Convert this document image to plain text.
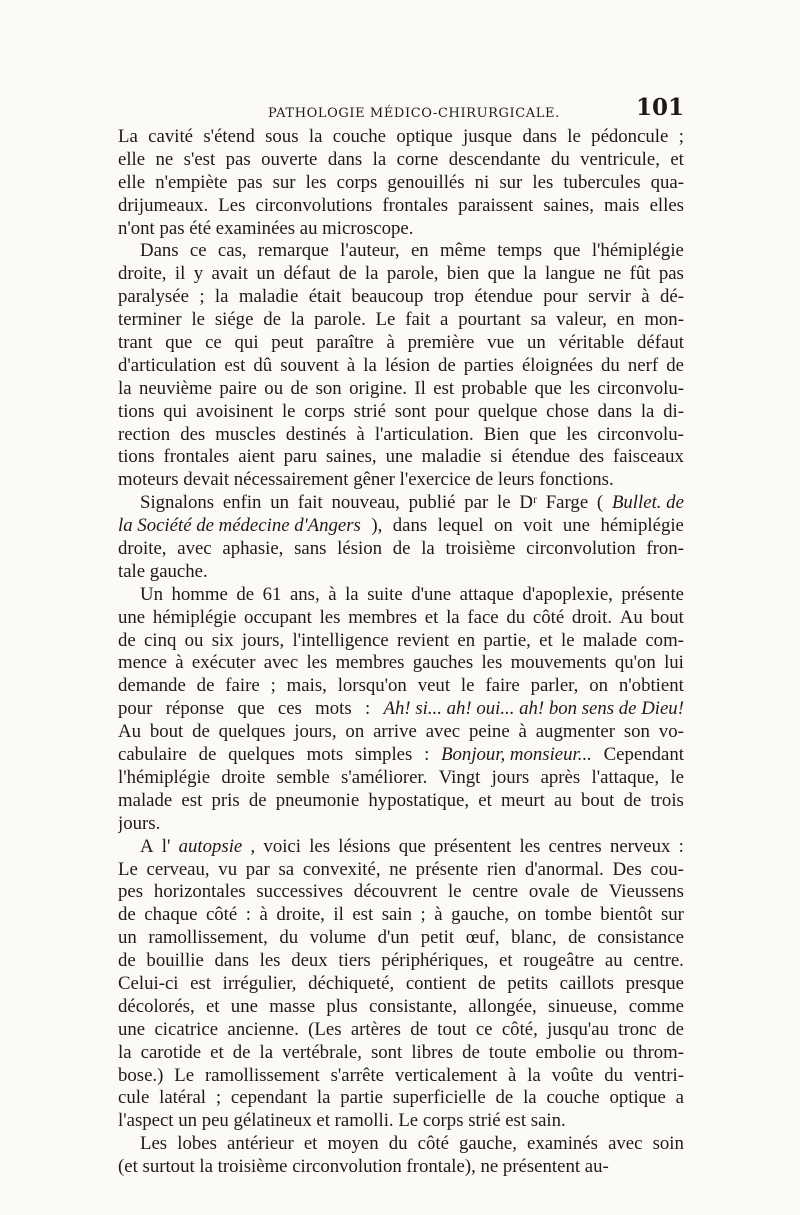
PATHOLOGIE MÉDICO-CHIRURGICALE.	101
La cavité s'étend sous la couche optique jusque dans le pédoncule ;
elle ne s'est pas ouverte dans la corne descendante du ventricule, et
elle n'empiète pas sur les corps genouillés ni sur les tubercules qua-
drijumeaux. Les circonvolutions frontales paraissent saines, mais elles
n'ont pas été examinées au microscope.
Dans ce cas, remarque l'auteur, en même temps que l'hémiplégie
droite, il y avait un défaut de la parole, bien que la langue ne fût pas
paralysée ; la maladie était beaucoup trop étendue pour servir à dé-
terminer le siége de la parole. Le fait a pourtant sa valeur, en mon-
trant que ce qui peut paraître à première vue un véritable défaut
d'articulation est dû souvent à la lésion de parties éloignées du nerf de
la neuvième paire ou de son origine. Il est probable que les circonvolu-
tions qui avoisinent le corps strié sont pour quelque chose dans la di-
rection des muscles destinés à l'articulation. Bien que les circonvolu-
tions frontales aient paru saines, une maladie si étendue des faisceaux
moteurs devait nécessairement gêner l'exercice de leurs fonctions.
Signalons enfin un fait nouveau, publié par le Dʳ Farge ( Bullet. de
la Société de médecine d'Angers ), dans lequel on voit une hémiplégie
droite, avec aphasie, sans lésion de la troisième circonvolution fron-
tale gauche.
Un homme de 61 ans, à la suite d'une attaque d'apoplexie, présente
une hémiplégie occupant les membres et la face du côté droit. Au bout
de cinq ou six jours, l'intelligence revient en partie, et le malade com-
mence à exécuter avec les membres gauches les mouvements qu'on lui
demande de faire ; mais, lorsqu'on veut le faire parler, on n'obtient
pour réponse que ces mots : Ah! si... ah! oui... ah! bon sens de Dieu!
Au bout de quelques jours, on arrive avec peine à augmenter son vo-
cabulaire de quelques mots simples : Bonjour, monsieur... Cependant
l'hémiplégie droite semble s'améliorer. Vingt jours après l'attaque, le
malade est pris de pneumonie hypostatique, et meurt au bout de trois
jours.
A l' autopsie , voici les lésions que présentent les centres nerveux :
Le cerveau, vu par sa convexité, ne présente rien d'anormal. Des cou-
pes horizontales successives découvrent le centre ovale de Vieussens
de chaque côté : à droite, il est sain ; à gauche, on tombe bientôt sur
un ramollissement, du volume d'un petit œuf, blanc, de consistance
de bouillie dans les deux tiers périphériques, et rougeâtre au centre.
Celui-ci est irrégulier, déchiqueté, contient de petits caillots presque
décolorés, et une masse plus consistante, allongée, sinueuse, comme
une cicatrice ancienne. (Les artères de tout ce côté, jusqu'au tronc de
la carotide et de la vertébrale, sont libres de toute embolie ou throm-
bose.) Le ramollissement s'arrête verticalement à la voûte du ventri-
cule latéral ; cependant la partie superficielle de la couche optique a
l'aspect un peu gélatineux et ramolli. Le corps strié est sain.
Les lobes antérieur et moyen du côté gauche, examinés avec soin
(et surtout la troisième circonvolution frontale), ne présentent au-
